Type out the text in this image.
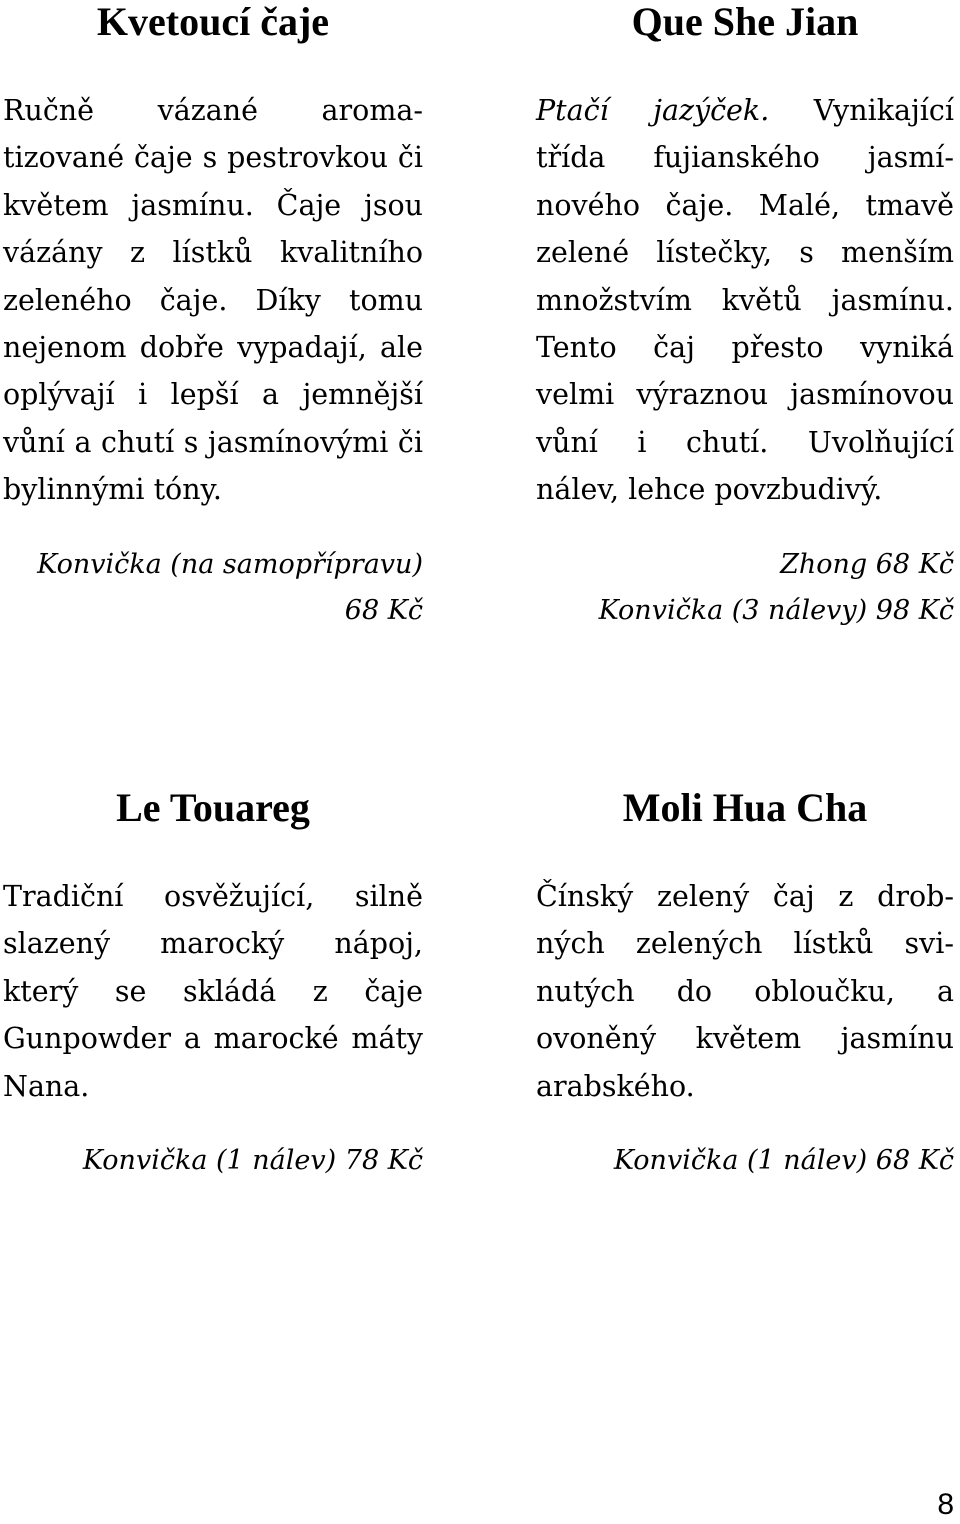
Kvetoucí čaje

Ručně vázané aromatizované čaje s pestrovkou či květem jasmínu. Čaje jsou vázány z lístků kvalitního zeleného čaje. Díky tomu nejenom dobře vypadají, ale oplývají i lepší a jemnější vůní a chutí s jasmínovými či bylinnými tóny.

Konvička (na samopřípravu)
68 Kč
Que She Jian

Ptačí jazýček. Vynikající třída fujianského jasmínového čaje. Malé, tmavě zelené lístečky, s menším množstvím květů jasmínu. Tento čaj přesto vyniká velmi výraznou jasmínovou vůní i chutí. Uvolňující nálev, lehce povzbudivý.

Zhong 68 Kč
Konvička (3 nálevy) 98 Kč
Le Touareg

Tradiční osvěžující, silně slazený marocký nápoj, který se skládá z čaje Gunpowder a marocké máty Nana.

Konvička (1 nálev) 78 Kč
Moli Hua Cha

Čínský zelený čaj z drobných zelených lístků svinutých do obloučku, a ovoněný květem jasmínu arabského.

Konvička (1 nálev) 68 Kč
8
